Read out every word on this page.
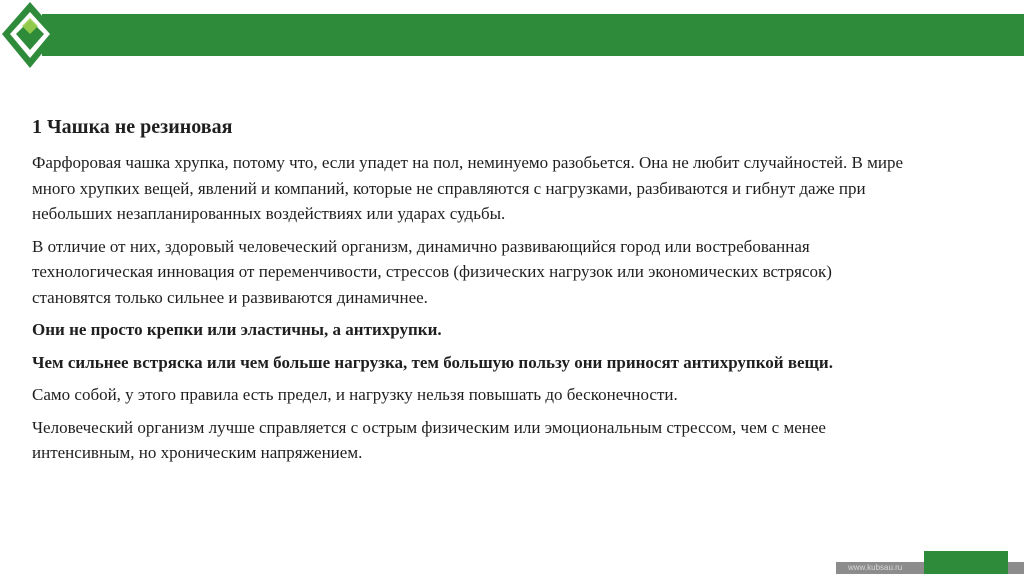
1 Чашка не резиновая

Фарфоровая чашка хрупка, потому что, если упадет на пол, неминуемо разобьется. Она не любит случайностей. В мире много хрупких вещей, явлений и компаний, которые не справляются с нагрузками, разбиваются и гибнут даже при небольших незапланированных воздействиях или ударах судьбы.

В отличие от них, здоровый человеческий организм, динамично развивающийся город или востребованная технологическая инновация от переменчивости, стрессов (физических нагрузок или экономических встрясок) становятся только сильнее и развиваются динамичнее.

Они не просто крепки или эластичны, а антихрупки.

Чем сильнее встряска или чем больше нагрузка, тем большую пользу они приносят антихрупкой вещи.

Само собой, у этого правила есть предел, и нагрузку нельзя повышать до бесконечности.

Человеческий организм лучше справляется с острым физическим или эмоциональным стрессом, чем с менее интенсивным, но хроническим напряжением.

www.kubsau.ru
